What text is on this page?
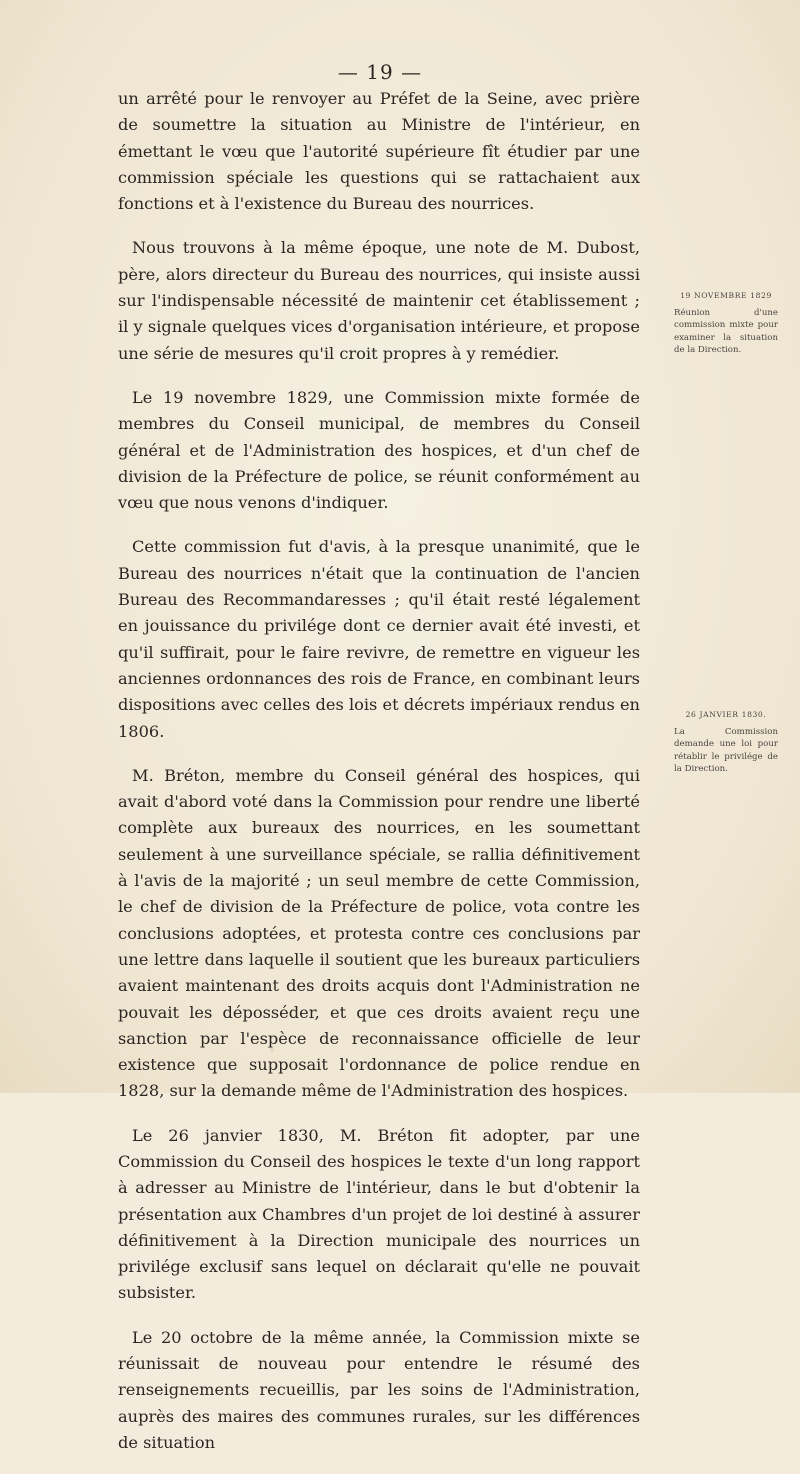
— 19 —

un arrêté pour le renvoyer au Préfet de la Seine, avec prière de soumettre la situation au Ministre de l'intérieur, en émettant le vœu que l'autorité supérieure fît étudier par une commission spéciale les questions qui se rattachaient aux fonctions et à l'existence du Bureau des nourrices.

Nous trouvons à la même époque, une note de M. Dubost, père, alors directeur du Bureau des nourrices, qui insiste aussi sur l'indispensable nécessité de maintenir cet établissement ; il y signale quelques vices d'organisation intérieure, et propose une série de mesures qu'il croit propres à y remédier.

Le 19 novembre 1829, une Commission mixte formée de membres du Conseil municipal, de membres du Conseil général et de l'Administration des hospices, et d'un chef de division de la Préfecture de police, se réunit conformément au vœu que nous venons d'indiquer.

Cette commission fut d'avis, à la presque unanimité, que le Bureau des nourrices n'était que la continuation de l'ancien Bureau des Recommandaresses ; qu'il était resté légalement en jouissance du privilége dont ce dernier avait été investi, et qu'il suffirait, pour le faire revivre, de remettre en vigueur les anciennes ordonnances des rois de France, en combinant leurs dispositions avec celles des lois et décrets impériaux rendus en 1806.

M. Bréton, membre du Conseil général des hospices, qui avait d'abord voté dans la Commission pour rendre une liberté complète aux bureaux des nourrices, en les soumettant seulement à une surveillance spéciale, se rallia définitivement à l'avis de la majorité ; un seul membre de cette Commission, le chef de division de la Préfecture de police, vota contre les conclusions adoptées, et protesta contre ces conclusions par une lettre dans laquelle il soutient que les bureaux particuliers avaient maintenant des droits acquis dont l'Administration ne pouvait les déposséder, et que ces droits avaient reçu une sanction par l'espèce de reconnaissance officielle de leur existence que supposait l'ordonnance de police rendue en 1828, sur la demande même de l'Administration des hospices.

Le 26 janvier 1830, M. Bréton fit adopter, par une Commission du Conseil des hospices le texte d'un long rapport à adresser au Ministre de l'intérieur, dans le but d'obtenir la présentation aux Chambres d'un projet de loi destiné à assurer définitivement à la Direction municipale des nourrices un privilége exclusif sans lequel on déclarait qu'elle ne pouvait subsister.

Le 20 octobre de la même année, la Commission mixte se réunissait de nouveau pour entendre le résumé des renseignements recueillis, par les soins de l'Administration, auprès des maires des communes rurales, sur les différences de situation

19 NOVEMBRE 1829
Réunion d'une commission mixte pour examiner la situation de la Direction.
26 JANVIER 1830.
La Commission demande une loi pour rétablir le privilége de la Direction.
